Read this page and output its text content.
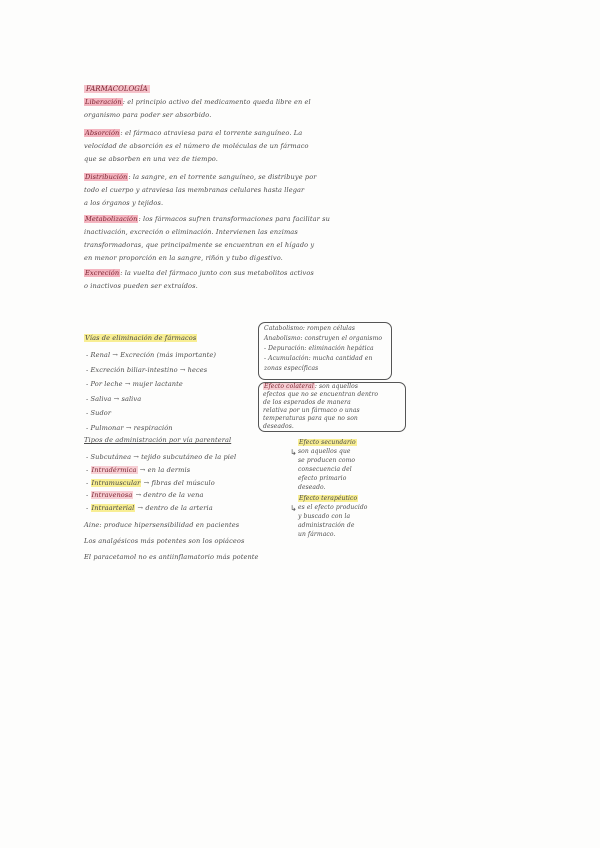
FARMACOLOGÍA
Liberación: el principio activo del medicamento queda libre en el
organismo para poder ser absorbido.
Absorción: el fármaco atraviesa para el torrente sanguíneo. La
velocidad de absorción es el número de moléculas de un fármaco
que se absorben en una vez de tiempo.
Distribución: la sangre, en el torrente sanguíneo, se distribuye por
todo el cuerpo y atraviesa las membranas celulares hasta llegar
a los órganos y tejidos.
Metabolización: los fármacos sufren transformaciones para facilitar su
inactivación, excreción o eliminación. Intervienen las enzimas
transformadoras, que principalmente se encuentran en el hígado y
en menor proporción en la sangre, riñón y tubo digestivo.
Excreción: la vuelta del fármaco junto con sus metabolitos activos
o inactivos pueden ser extraídos.
Vías de eliminación de fármacos
- Renal → Excreción (más importante)
- Excreción biliar-intestino → heces
- Por leche → mujer lactante
- Saliva → saliva
- Sudor
- Pulmonar → respiración
Tipos de administración por vía parenteral
- Subcutánea → tejido subcutáneo de la piel
- Intradérmica → en la dermis
- Intramuscular → fibras del músculo
- Intravenosa → dentro de la vena
- Intraarterial → dentro de la arteria
Aine: produce hipersensibilidad en pacientes
Los analgésicos más potentes son los opiáceos
El paracetamol no es antiinflamatorio más potente
Catabolismo: rompen células
Anabolismo: construyen el organismo
- Depuración: eliminación hepática
- Acumulación: mucha cantidad en
zonas específicas
Efecto colateral: son aquellos
efectos que no se encuentran dentro
de los esperados de manera
relativa por un fármaco o unas
temperaturas para que no son
deseados.
Efecto secundario
son aquellos que
se producen como
consecuencia del
efecto primario
deseado.
↳
Efecto terapéutico
es el efecto producido
y buscado con la
administración de
un fármaco.
↳
